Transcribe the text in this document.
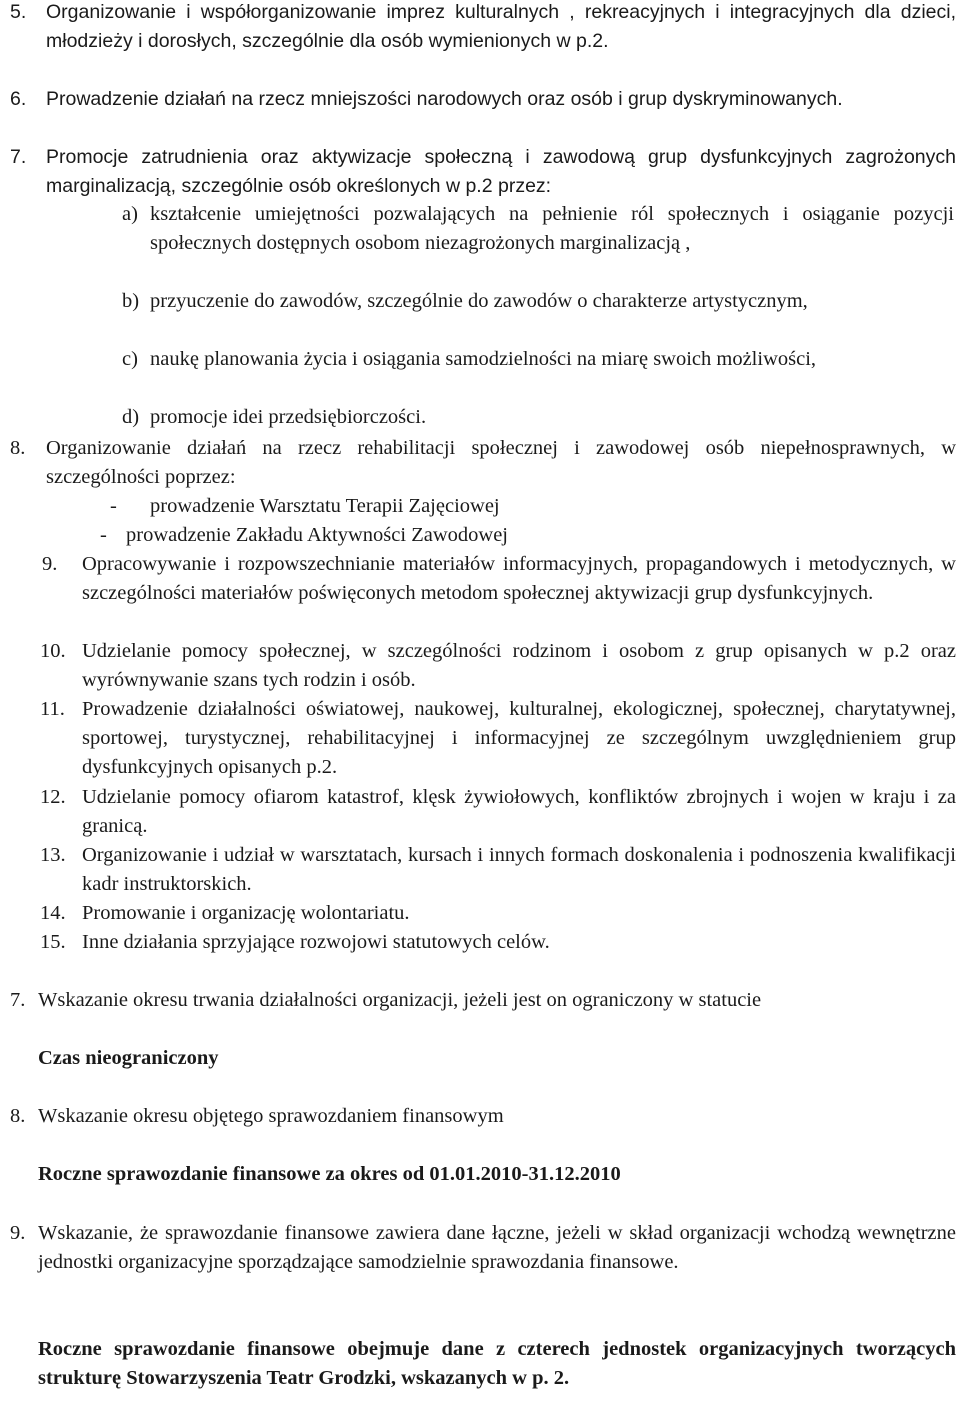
5.	Organizowanie i współorganizowanie imprez kulturalnych , rekreacyjnych i integracyjnych dla dzieci, młodzieży i dorosłych, szczególnie dla osób wymienionych w p.2.
6.	Prowadzenie działań na rzecz mniejszości narodowych oraz osób i grup dyskryminowanych.
7.	Promocje zatrudnienia oraz aktywizacje społeczną i zawodową grup dysfunkcyjnych zagrożonych marginalizacją, szczególnie osób określonych w p.2 przez:
a) kształcenie umiejętności pozwalających na pełnienie ról społecznych i osiąganie pozycji społecznych dostępnych osobom niezagrożonych marginalizacją ,
b) przyuczenie do zawodów, szczególnie do zawodów o charakterze artystycznym,
c) naukę planowania życia i osiągania samodzielności na miarę swoich możliwości,
d) promocje idei przedsiębiorczości.
8.	Organizowanie działań na rzecz rehabilitacji społecznej i zawodowej osób niepełnosprawnych, w szczególności poprzez:
-	prowadzenie Warsztatu Terapii Zajęciowej
- prowadzenie Zakładu Aktywności Zawodowej
9.	Opracowywanie i rozpowszechnianie materiałów informacyjnych, propagandowych i metodycznych, w szczególności materiałów poświęconych metodom społecznej aktywizacji grup dysfunkcyjnych.
10. Udzielanie pomocy społecznej, w szczególności rodzinom i osobom z grup opisanych w p.2 oraz wyrównywanie szans tych rodzin i osób.
11. Prowadzenie działalności oświatowej, naukowej, kulturalnej, ekologicznej, społecznej, charytatywnej, sportowej, turystycznej, rehabilitacyjnej i informacyjnej ze szczególnym uwzględnieniem grup dysfunkcyjnych opisanych p.2.
12. Udzielanie pomocy ofiarom katastrof, klęsk żywiołowych, konfliktów zbrojnych i wojen w kraju i za granicą.
13. Organizowanie i udział w warsztatach, kursach i innych formach doskonalenia i podnoszenia kwalifikacji kadr instruktorskich.
14. Promowanie i organizację wolontariatu.
15. Inne działania sprzyjające rozwojowi statutowych celów.
7. Wskazanie okresu trwania działalności organizacji, jeżeli jest on ograniczony w statucie
Czas nieograniczony
8. Wskazanie okresu objętego sprawozdaniem finansowym
Roczne sprawozdanie finansowe za okres od 01.01.2010-31.12.2010
9. Wskazanie, że sprawozdanie finansowe zawiera dane łączne, jeżeli w skład organizacji wchodzą wewnętrzne jednostki organizacyjne sporządzające samodzielnie sprawozdania finansowe.
Roczne sprawozdanie finansowe obejmuje dane z czterech jednostek organizacyjnych tworzących strukturę Stowarzyszenia Teatr Grodzki, wskazanych w p. 2.
